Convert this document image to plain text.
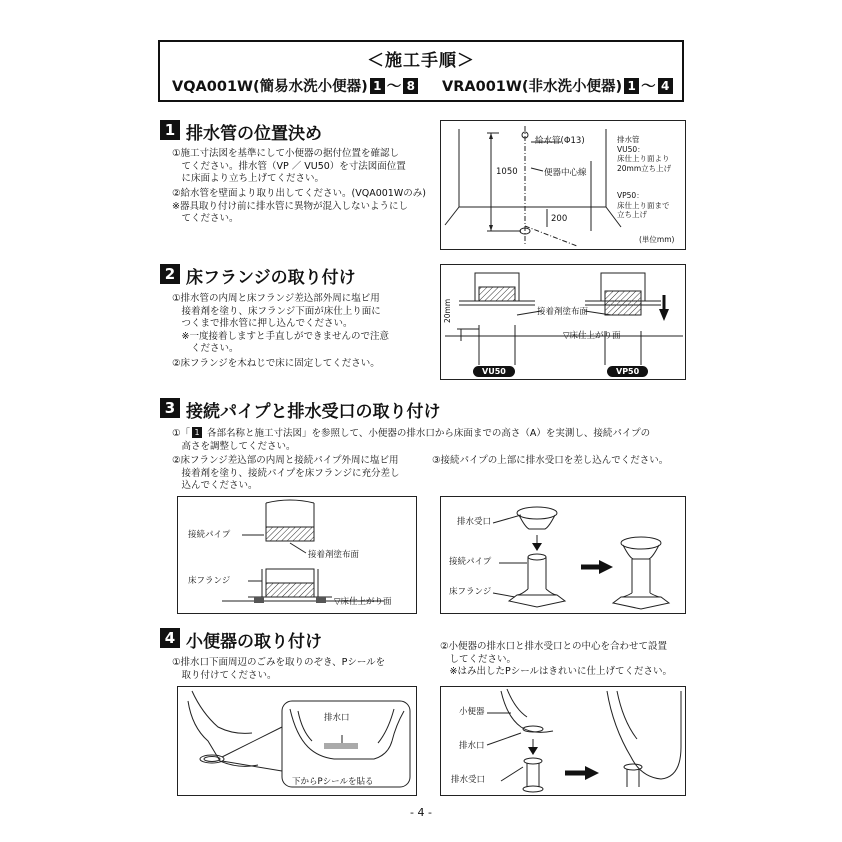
＜施工手順＞
VQA001W(簡易水洗小便器) 1 ～ 8	VRA001W(非水洗小便器) 1 ～ 4
1 排水管の位置決め
①施工寸法図を基準にして小便器の据付位置を確認し
　てください。排水管（VP ／ VU50）を寸法図面位置
　に床面より立ち上げてください。
②給水管を壁面より取り出してください。(VQA001Wのみ)
※器具取り付け前に排水管に異物が混入しないようにし
　てください。
給水管(Φ13)
便器中心線
1050
200
排水管
VU50：
床仕上り面より
20mm立ち上げ
VP50：
床仕上り面まで
立ち上げ
(単位mm)
2 床フランジの取り付け
①排水管の内周と床フランジ差込部外周に塩ビ用
　接着剤を塗り、床フランジ下面が床仕上り面に
　つくまで排水管に押し込んでください。
　※一度接着しますと手直しができませんので注意
　　ください。
②床フランジを木ねじで床に固定してください。
接着剤塗布面
▽床仕上がり面
20mm
VU50	VP50
3 接続パイプと排水受口の取り付け
①「 1 各部名称と施工寸法図」を参照して、小便器の排水口から床面までの高さ（A）を実測し、接続パイプの
　高さを調整してください。
②床フランジ差込部の内周と接続パイプ外周に塩ビ用
　接着剤を塗り、接続パイプを床フランジに充分差し
　込んでください。
③接続パイプの上部に排水受口を差し込んでください。
接続パイプ
接着剤塗布面
床フランジ
▽床仕上がり面
排水受口
接続パイプ
床フランジ
4 小便器の取り付け
①排水口下面周辺のごみを取りのぞき、Pシールを
　取り付けてください。
②小便器の排水口と排水受口との中心を合わせて設置
　してください。
　※はみ出したPシールはきれいに仕上げてください。
排水口
下からPシールを貼る
小便器
排水口
排水受口
- 4 -
